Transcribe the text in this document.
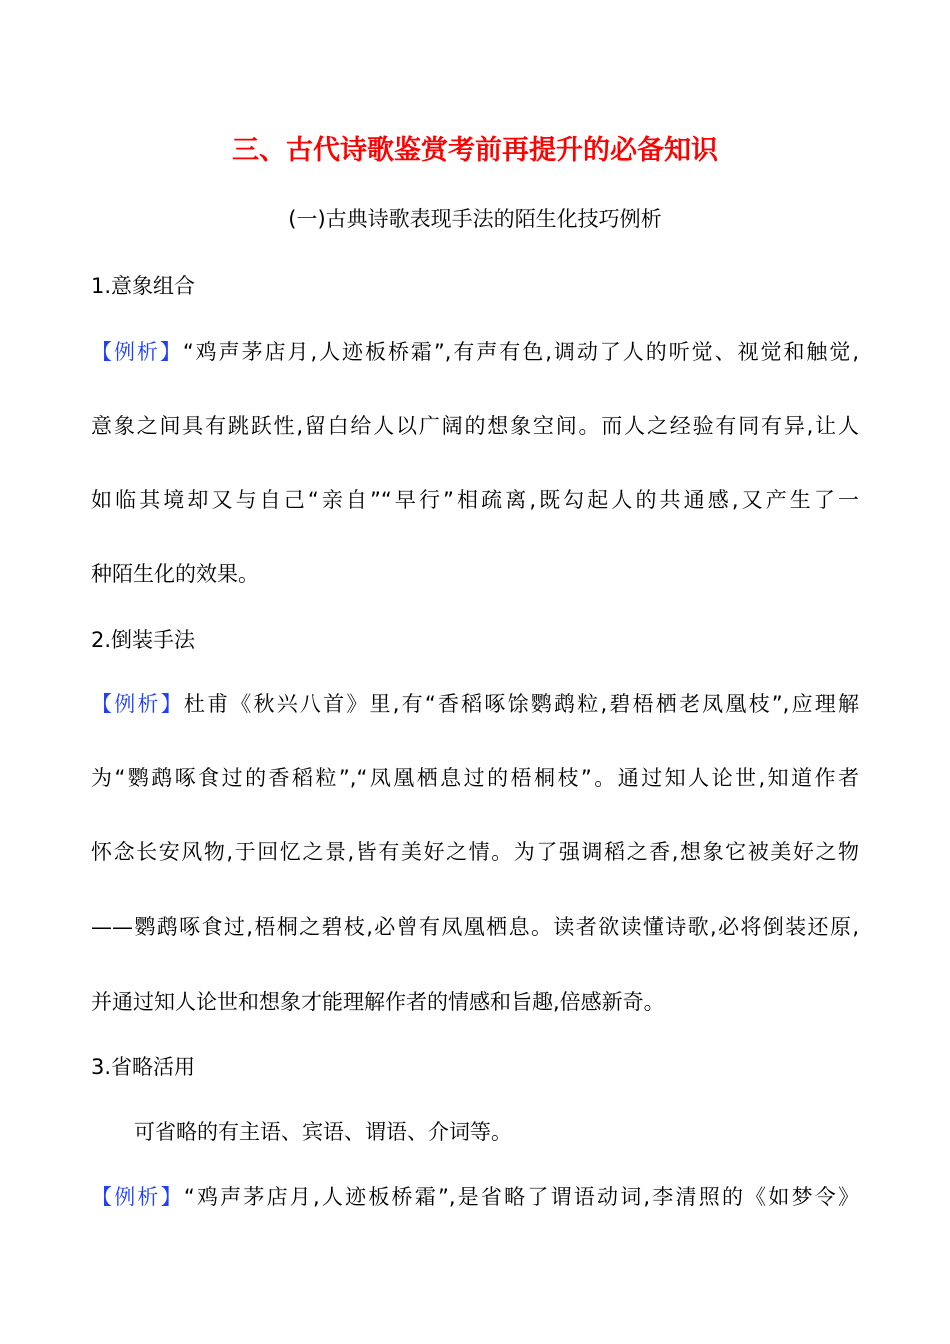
三、古代诗歌鉴赏考前再提升的必备知识
(一)古典诗歌表现手法的陌生化技巧例析
1.意象组合
【例析】“鸡声茅店月,人迹板桥霜”,有声有色,调动了人的听觉、视觉和触觉,
意象之间具有跳跃性,留白给人以广阔的想象空间。而人之经验有同有异,让人
如临其境却又与自己“亲自”“早行”相疏离,既勾起人的共通感,又产生了一
种陌生化的效果。
2.倒装手法
【例析】杜甫《秋兴八首》里,有“香稻啄馀鹦鹉粒,碧梧栖老凤凰枝”,应理解
为“鹦鹉啄食过的香稻粒”,“凤凰栖息过的梧桐枝”。通过知人论世,知道作者
怀念长安风物,于回忆之景,皆有美好之情。为了强调稻之香,想象它被美好之物
——鹦鹉啄食过,梧桐之碧枝,必曾有凤凰栖息。读者欲读懂诗歌,必将倒装还原,
并通过知人论世和想象才能理解作者的情感和旨趣,倍感新奇。
3.省略活用
可省略的有主语、宾语、谓语、介词等。
【例析】“鸡声茅店月,人迹板桥霜”,是省略了谓语动词,李清照的《如梦令》
